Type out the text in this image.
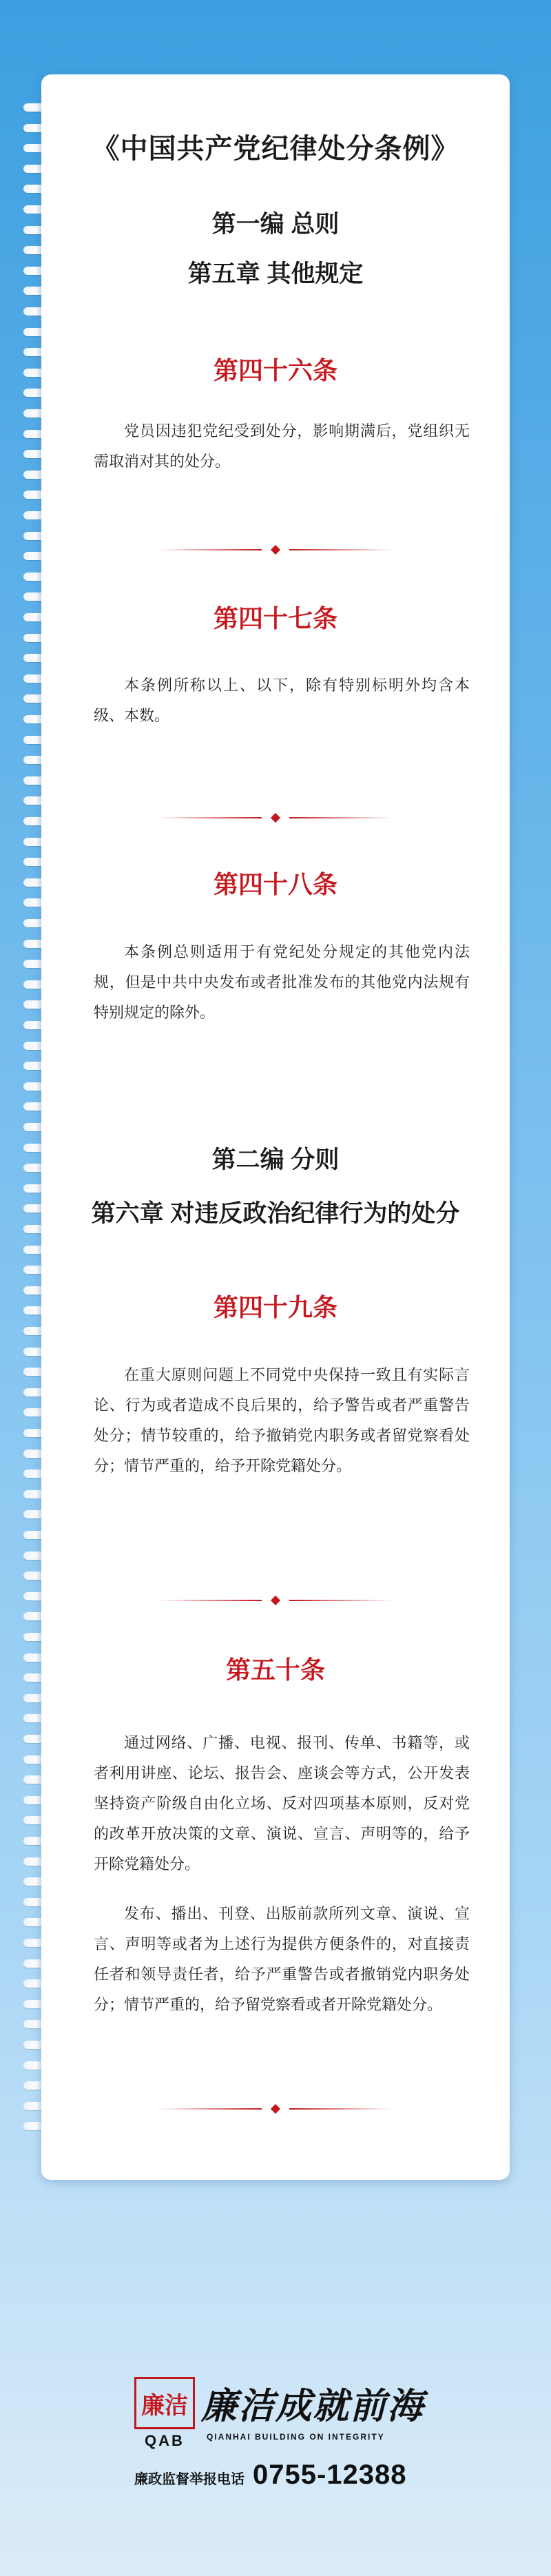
《中国共产党纪律处分条例》
第一编 总则
第五章 其他规定
第四十六条
党员因违犯党纪受到处分，影响期满后，党组织无需取消对其的处分。
第四十七条
本条例所称以上、以下，除有特别标明外均含本级、本数。
第四十八条
本条例总则适用于有党纪处分规定的其他党内法规，但是中共中央发布或者批准发布的其他党内法规有特别规定的除外。
第二编 分则
第六章 对违反政治纪律行为的处分
第四十九条
在重大原则问题上不同党中央保持一致且有实际言论、行为或者造成不良后果的，给予警告或者严重警告处分；情节较重的，给予撤销党内职务或者留党察看处分；情节严重的，给予开除党籍处分。
第五十条
通过网络、广播、电视、报刊、传单、书籍等，或者利用讲座、论坛、报告会、座谈会等方式，公开发表坚持资产阶级自由化立场、反对四项基本原则，反对党的改革开放决策的文章、演说、宣言、声明等的，给予开除党籍处分。
发布、播出、刊登、出版前款所列文章、演说、宣言、声明等或者为上述行为提供方便条件的，对直接责任者和领导责任者，给予严重警告或者撤销党内职务处分；情节严重的，给予留党察看或者开除党籍处分。
廉洁
QAB
廉洁成就前海
QIANHAI BUILDING ON INTEGRITY
廉政监督举报电话 0755-12388
